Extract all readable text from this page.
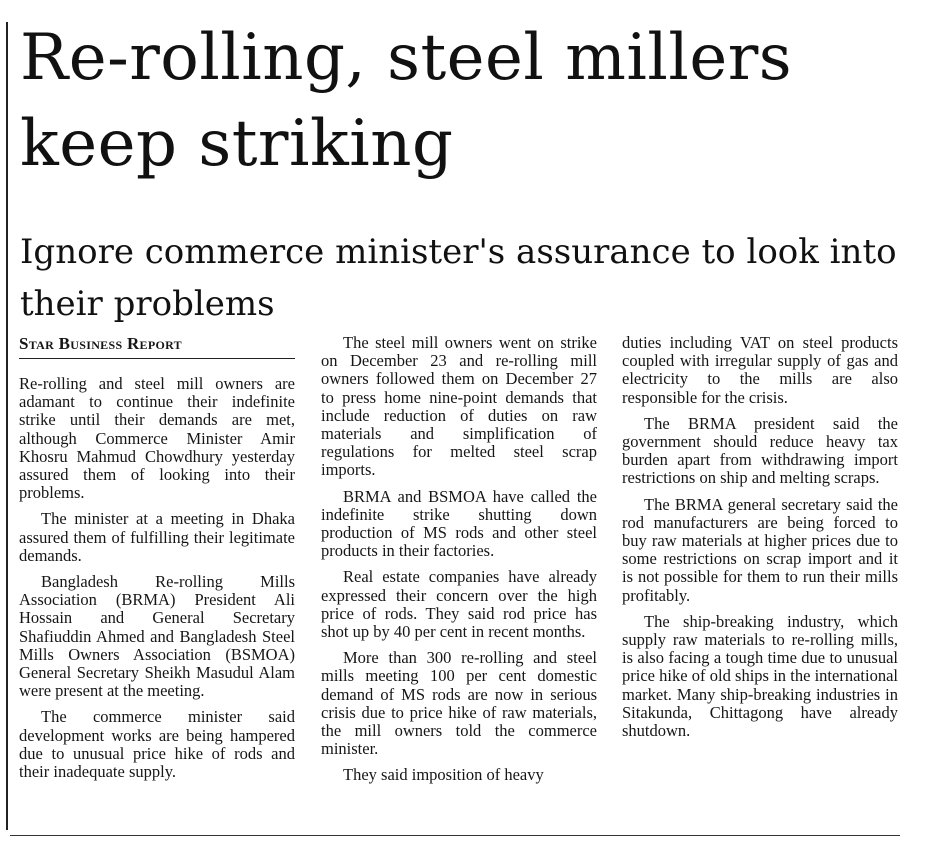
Re-rolling, steel millers keep striking
Ignore commerce minister's assurance to look into their problems
Star Business Report

Re-rolling and steel mill owners are adamant to continue their indefinite strike until their demands are met, although Commerce Minister Amir Khosru Mahmud Chowdhury yesterday assured them of looking into their problems.

The minister at a meeting in Dhaka assured them of fulfilling their legitimate demands.

Bangladesh Re-rolling Mills Association (BRMA) President Ali Hossain and General Secretary Shafiuddin Ahmed and Bangladesh Steel Mills Owners Association (BSMOA) General Secretary Sheikh Masudul Alam were present at the meeting.

The commerce minister said development works are being hampered due to unusual price hike of rods and their inadequate supply.

The steel mill owners went on strike on December 23 and re-rolling mill owners followed them on December 27 to press home nine-point demands that include reduction of duties on raw materials and simplification of regulations for melted steel scrap imports.

BRMA and BSMOA have called the indefinite strike shutting down production of MS rods and other steel products in their factories.

Real estate companies have already expressed their concern over the high price of rods. They said rod price has shot up by 40 per cent in recent months.

More than 300 re-rolling and steel mills meeting 100 per cent domestic demand of MS rods are now in serious crisis due to price hike of raw materials, the mill owners told the commerce minister.

They said imposition of heavy

duties including VAT on steel products coupled with irregular supply of gas and electricity to the mills are also responsible for the crisis.

The BRMA president said the government should reduce heavy tax burden apart from withdrawing import restrictions on ship and melting scraps.

The BRMA general secretary said the rod manufacturers are being forced to buy raw materials at higher prices due to some restrictions on scrap import and it is not possible for them to run their mills profitably.

The ship-breaking industry, which supply raw materials to re-rolling mills, is also facing a tough time due to unusual price hike of old ships in the international market. Many ship-breaking industries in Sitakunda, Chittagong have already shutdown.
